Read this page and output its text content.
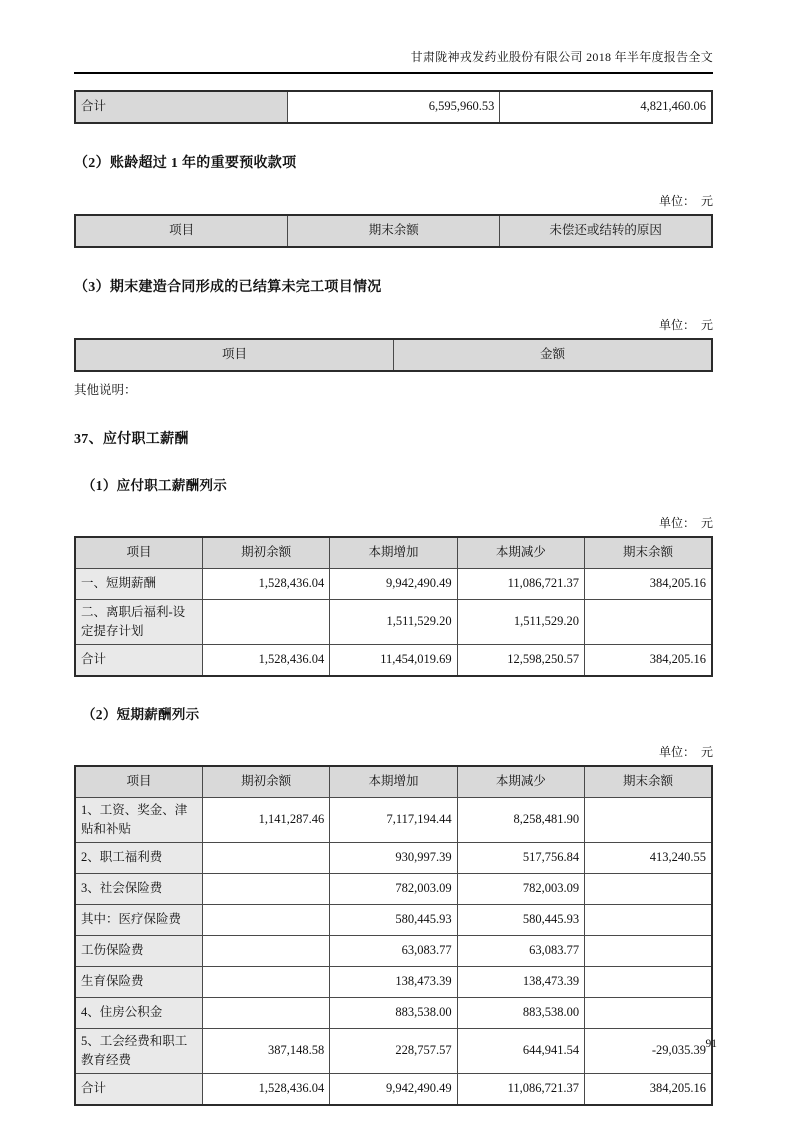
甘肃陇神戎发药业股份有限公司 2018 年半年度报告全文
合计	6,595,960.53	4,821,460.06
（2）账龄超过 1 年的重要预收款项
单位：　元
项目	期末余额	未偿还或结转的原因
（3）期末建造合同形成的已结算未完工项目情况
单位：　元
项目	金额
其他说明：
37、应付职工薪酬
（1）应付职工薪酬列示
单位：　元
项目	期初余额	本期增加	本期减少	期末余额
一、短期薪酬	1,528,436.04	9,942,490.49	11,086,721.37	384,205.16
二、离职后福利-设定提存计划		1,511,529.20	1,511,529.20	
合计	1,528,436.04	11,454,019.69	12,598,250.57	384,205.16
（2）短期薪酬列示
单位：　元
项目	期初余额	本期增加	本期减少	期末余额
1、工资、奖金、津贴和补贴	1,141,287.46	7,117,194.44	8,258,481.90	
2、职工福利费		930,997.39	517,756.84	413,240.55
3、社会保险费		782,003.09	782,003.09	
其中：医疗保险费		580,445.93	580,445.93	
工伤保险费		63,083.77	63,083.77	
生育保险费		138,473.39	138,473.39	
4、住房公积金		883,538.00	883,538.00	
5、工会经费和职工教育经费	387,148.58	228,757.57	644,941.54	-29,035.39
合计	1,528,436.04	9,942,490.49	11,086,721.37	384,205.16
91
